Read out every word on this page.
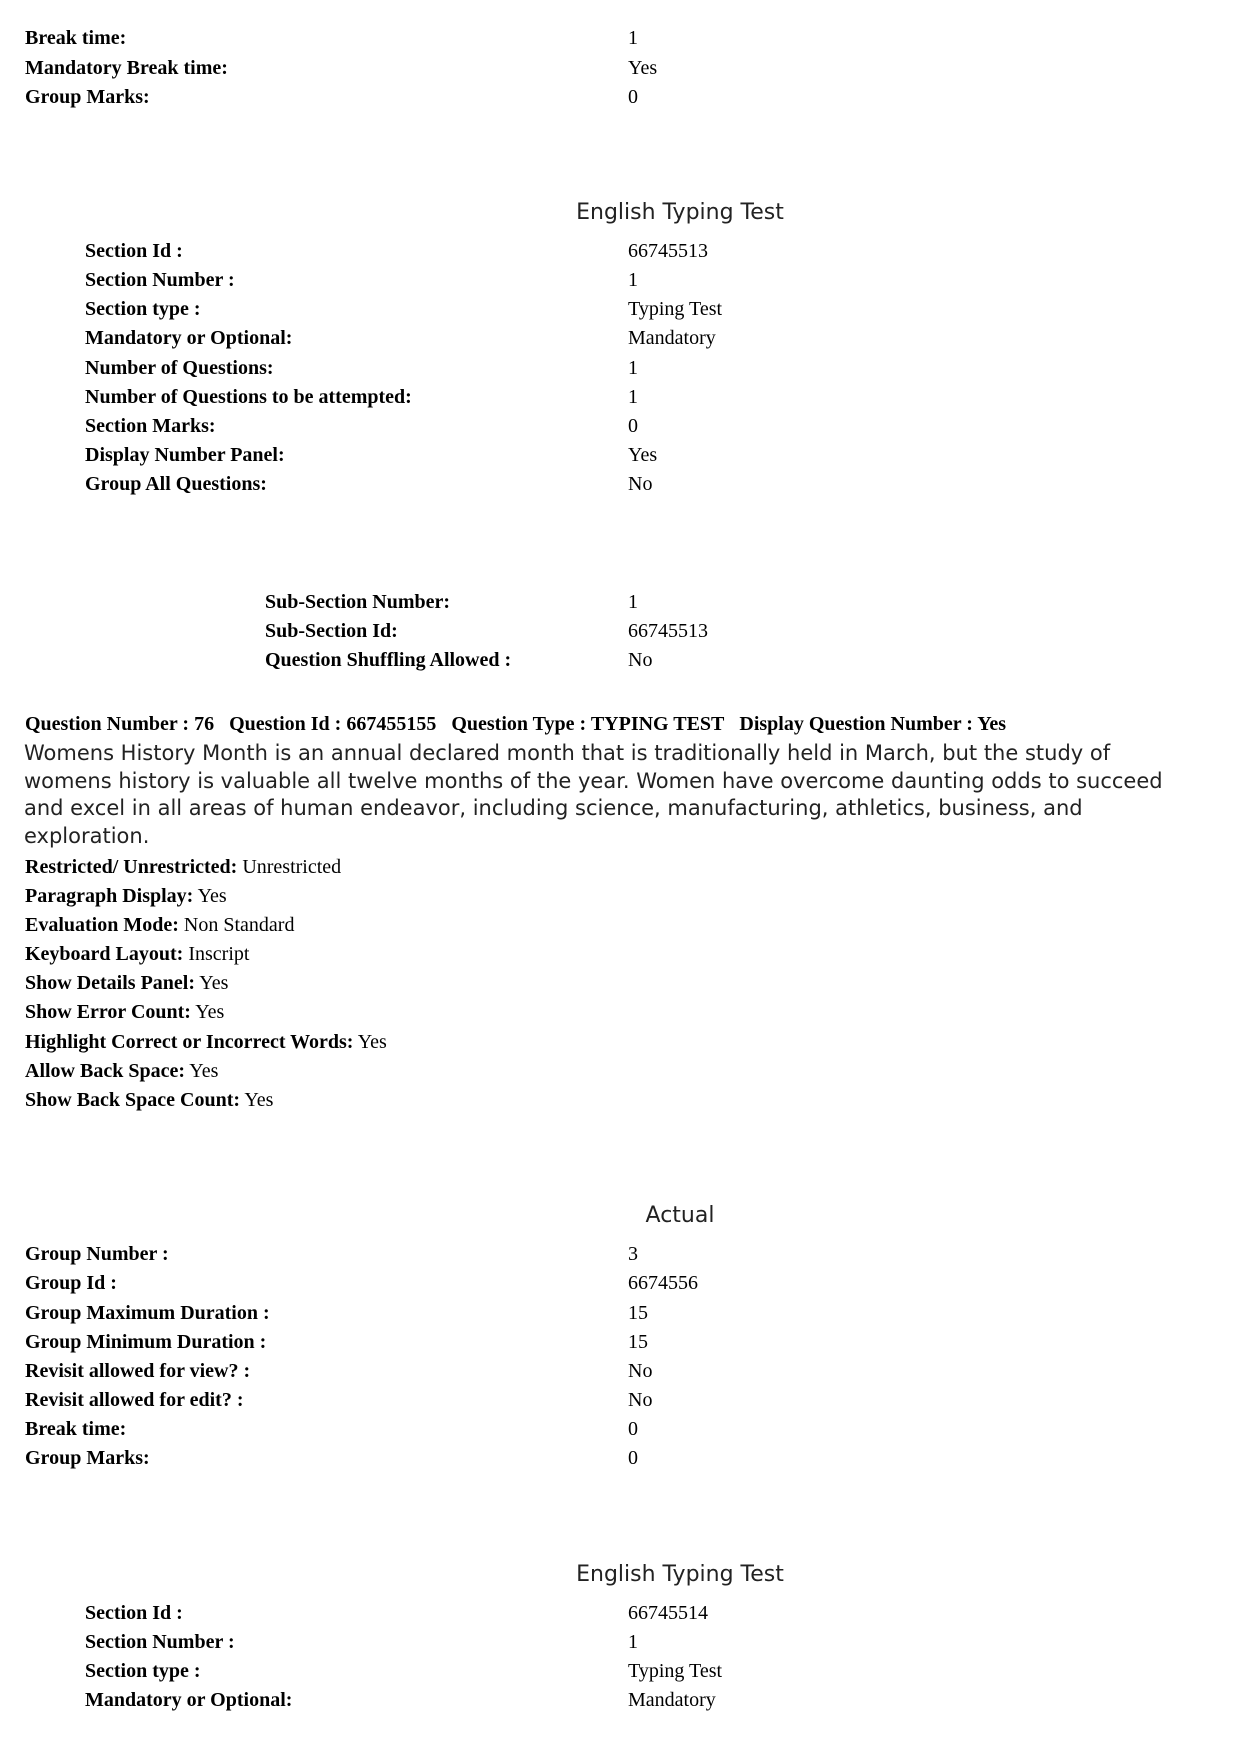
Break time:	1
Mandatory Break time:	Yes
Group Marks:	0
English Typing Test
Section Id :	66745513
Section Number :	1
Section type :	Typing Test
Mandatory or Optional:	Mandatory
Number of Questions:	1
Number of Questions to be attempted:	1
Section Marks:	0
Display Number Panel:	Yes
Group All Questions:	No
Sub-Section Number:	1
Sub-Section Id:	66745513
Question Shuffling Allowed :	No
Question Number : 76 Question Id : 667455155 Question Type : TYPING TEST Display Question Number : Yes
Womens History Month is an annual declared month that is traditionally held in March, but the study of womens history is valuable all twelve months of the year. Women have overcome daunting odds to succeed and excel in all areas of human endeavor, including science, manufacturing, athletics, business, and exploration.
Restricted/ Unrestricted: Unrestricted
Paragraph Display: Yes
Evaluation Mode: Non Standard
Keyboard Layout: Inscript
Show Details Panel: Yes
Show Error Count: Yes
Highlight Correct or Incorrect Words: Yes
Allow Back Space: Yes
Show Back Space Count: Yes
Actual
Group Number :	3
Group Id :	6674556
Group Maximum Duration :	15
Group Minimum Duration :	15
Revisit allowed for view? :	No
Revisit allowed for edit? :	No
Break time:	0
Group Marks:	0
English Typing Test
Section Id :	66745514
Section Number :	1
Section type :	Typing Test
Mandatory or Optional:	Mandatory
